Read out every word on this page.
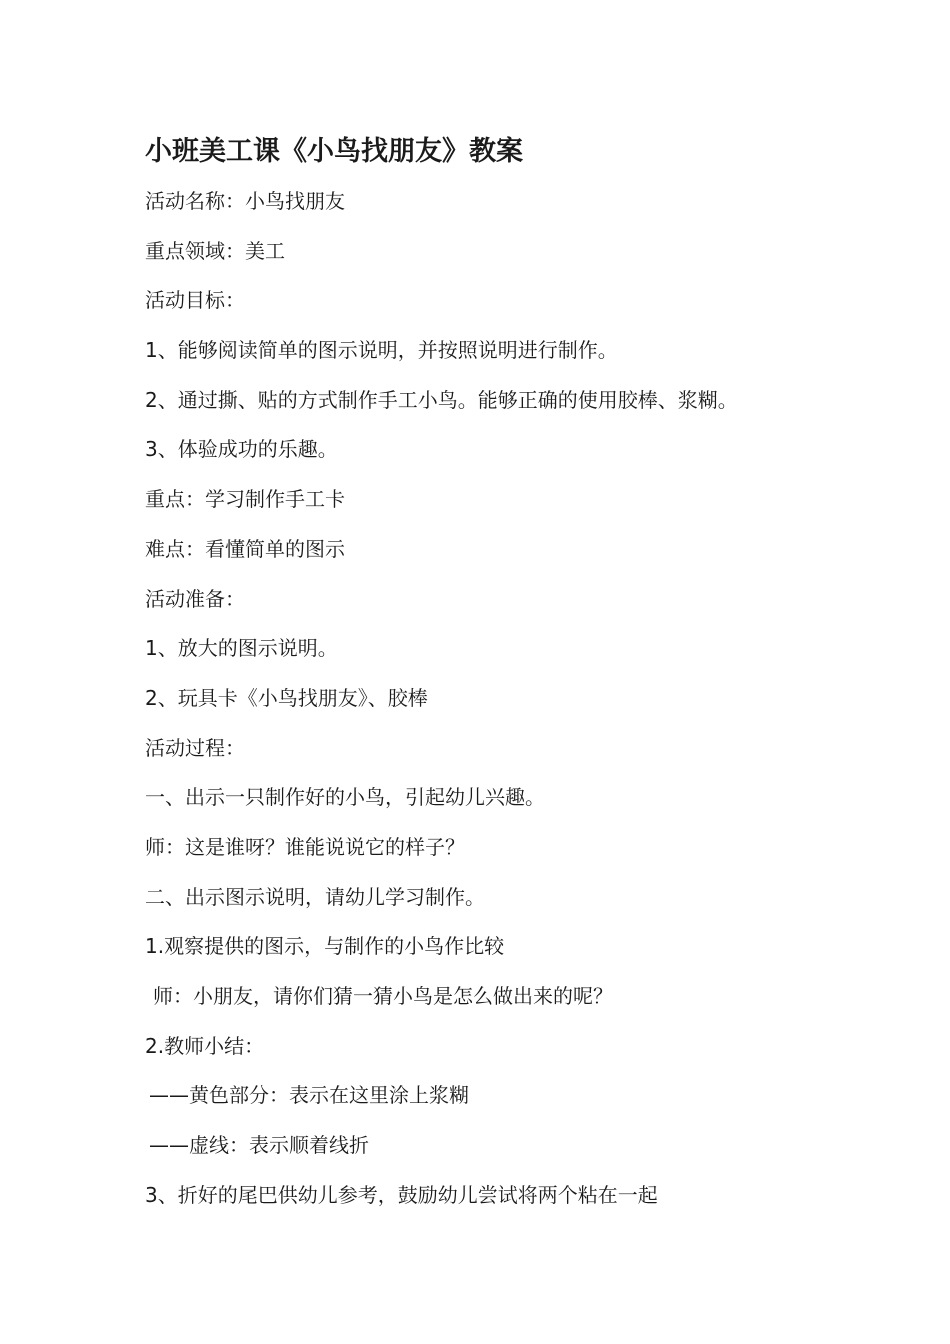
小班美工课《小鸟找朋友》教案
活动名称：小鸟找朋友
重点领域：美工
活动目标：
1、能够阅读简单的图示说明，并按照说明进行制作。
2、通过撕、贴的方式制作手工小鸟。能够正确的使用胶棒、浆糊。
3、体验成功的乐趣。
重点：学习制作手工卡
难点：看懂简单的图示
活动准备：
1、放大的图示说明。
2、玩具卡《小鸟找朋友》、胶棒
活动过程：
一、出示一只制作好的小鸟，引起幼儿兴趣。
师：这是谁呀？谁能说说它的样子？
二、出示图示说明，请幼儿学习制作。
1.观察提供的图示，与制作的小鸟作比较
师：小朋友，请你们猜一猜小鸟是怎么做出来的呢？
2.教师小结：
——黄色部分：表示在这里涂上浆糊
——虚线：表示顺着线折
3、折好的尾巴供幼儿参考，鼓励幼儿尝试将两个粘在一起
